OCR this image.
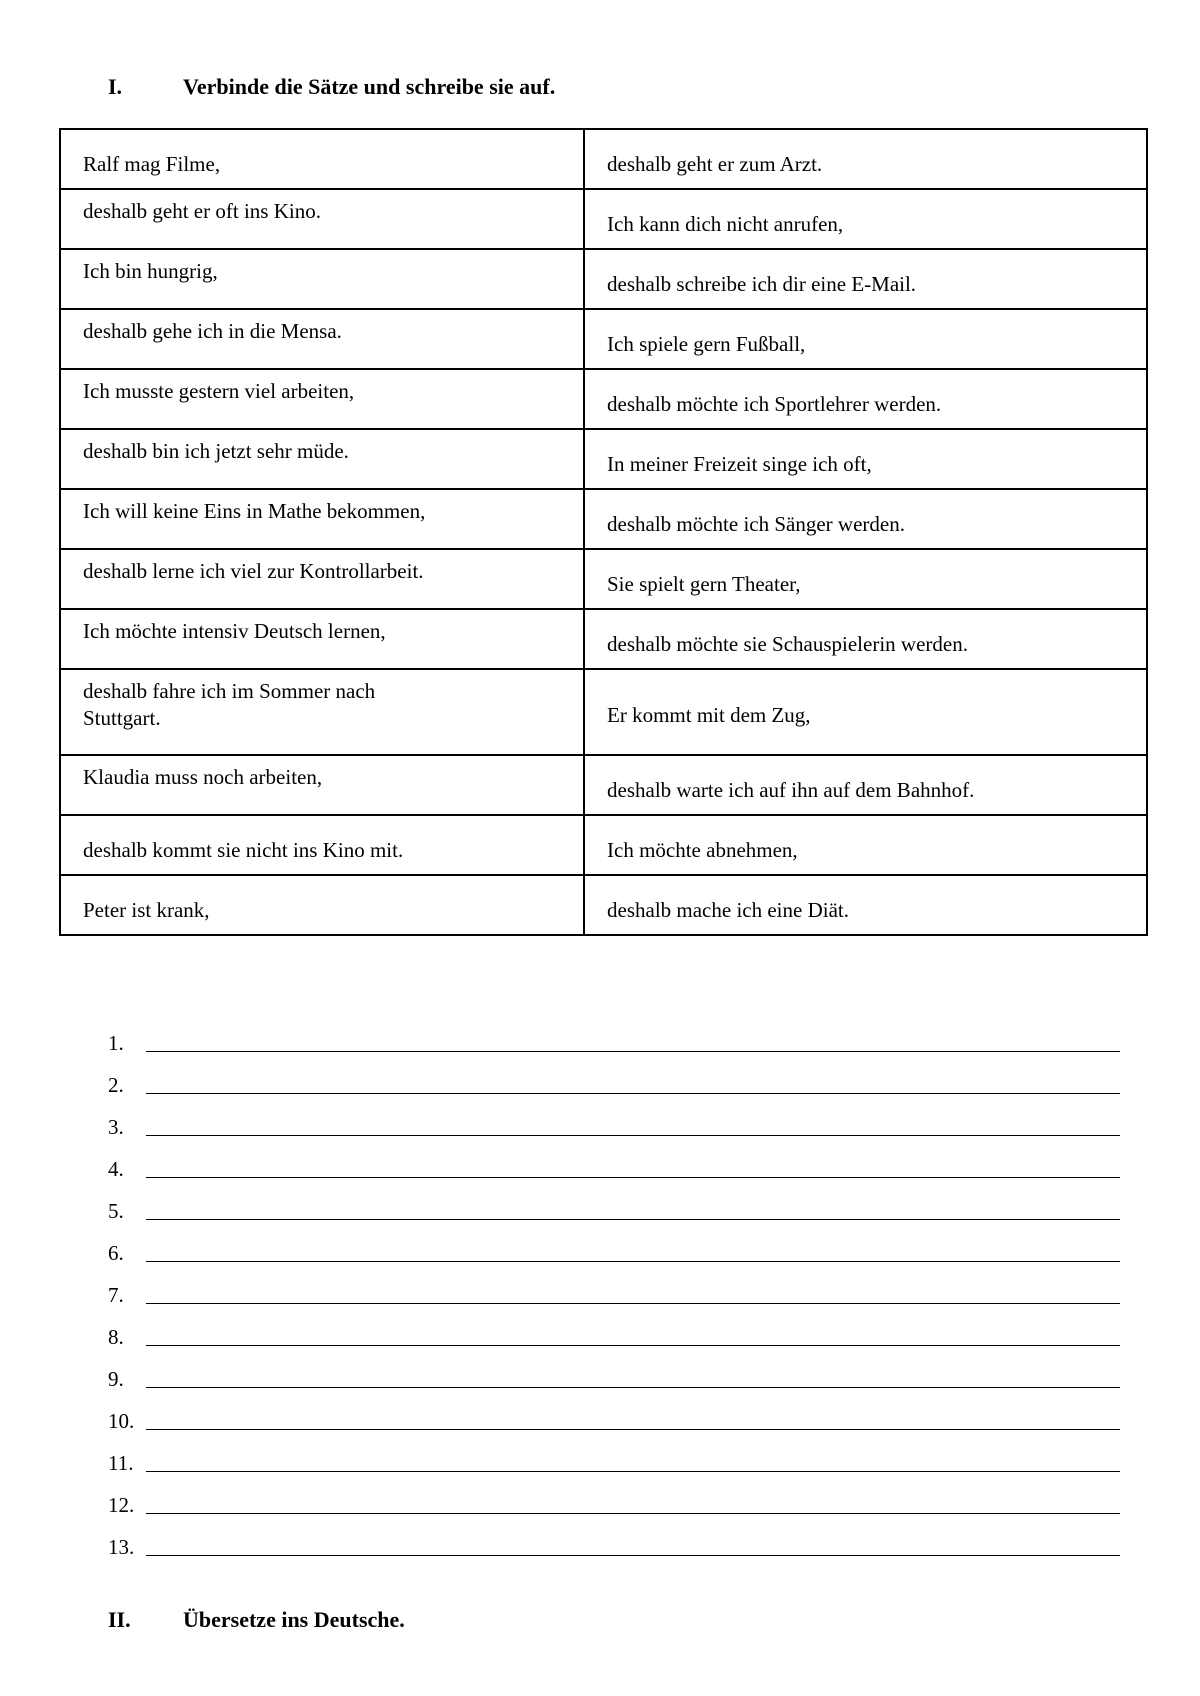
I.	Verbinde die Sätze und schreibe sie auf.
Ralf mag Filme,	deshalb geht er zum Arzt.

deshalb geht er oft ins Kino.	Ich kann dich nicht anrufen,

Ich bin hungrig,	deshalb schreibe ich dir eine E-Mail.

deshalb gehe ich in die Mensa.	Ich spiele gern Fußball,

Ich musste gestern viel arbeiten,	deshalb möchte ich Sportlehrer werden.

deshalb bin ich jetzt sehr müde.	In meiner Freizeit singe ich oft,

Ich will keine Eins in Mathe bekommen,	deshalb möchte ich Sänger werden.

deshalb lerne ich viel zur Kontrollarbeit.	Sie spielt gern Theater,

Ich möchte intensiv Deutsch lernen,	deshalb möchte sie Schauspielerin werden.

deshalb fahre ich im Sommer nach Stuttgart.	Er kommt mit dem Zug,

Klaudia muss noch arbeiten,	deshalb warte ich auf ihn auf dem Bahnhof.

deshalb kommt sie nicht ins Kino mit.	Ich möchte abnehmen,

Peter ist krank,	deshalb mache ich eine Diät.
1.
2.
3.
4.
5.
6.
7.
8.
9.
10.
11.
12.
13.
II.	Übersetze ins Deutsche.
